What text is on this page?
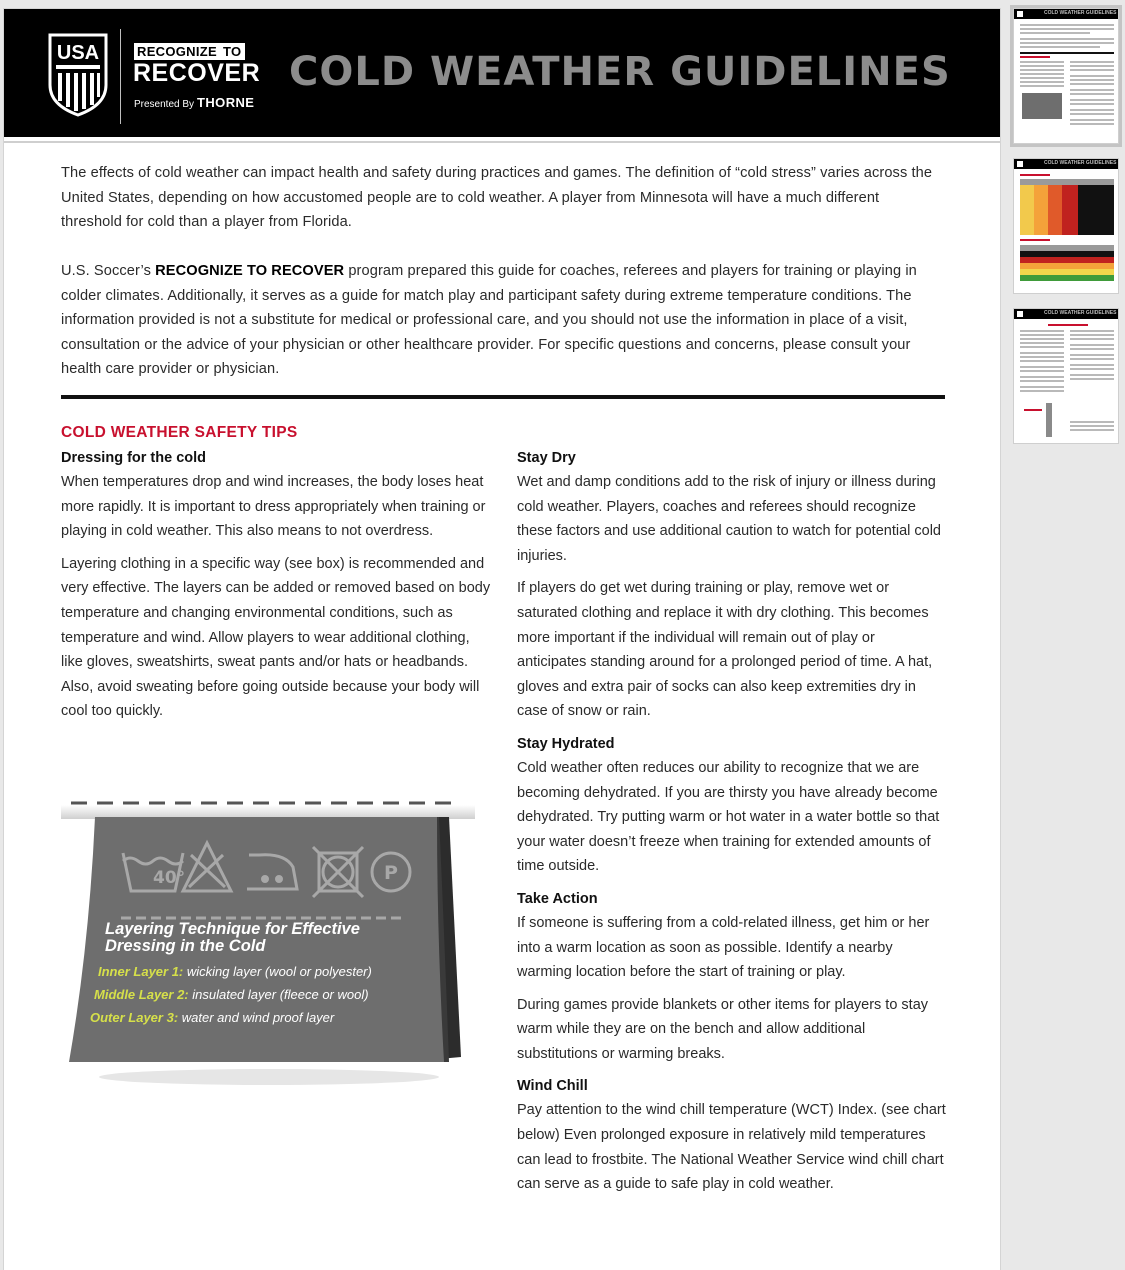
USA	RECOGNIZE TO
RECOVER
Presented By THORNE
COLD WEATHER GUIDELINES

The effects of cold weather can impact health and safety during practices and games. The definition of “cold stress” varies across the United States, depending on how accustomed people are to cold weather. A player from Minnesota will have a much different threshold for cold than a player from Florida.

U.S. Soccer’s RECOGNIZE TO RECOVER program prepared this guide for coaches, referees and players for training or playing in colder climates. Additionally, it serves as a guide for match play and participant safety during extreme temperature conditions. The information provided is not a substitute for medical or professional care, and you should not use the information in place of a visit, consultation or the advice of your physician or other healthcare provider. For specific questions and concerns, please consult your health care provider or physician.

COLD WEATHER SAFETY TIPS
Dressing for the cold

When temperatures drop and wind increases, the body loses heat more rapidly. It is important to dress appropriately when training or playing in cold weather. This also means to not overdress.

Layering clothing in a specific way (see box) is recommended and very effective. The layers can be added or removed based on body temperature and changing environmental conditions, such as temperature and wind. Allow players to wear additional clothing, like gloves, sweatshirts, sweat pants and/or hats or headbands. Also, avoid sweating before going outside because your body will cool too quickly.

Stay Dry

Wet and damp conditions add to the risk of injury or illness during cold weather. Players, coaches and referees should recognize these factors and use additional caution to watch for potential cold injuries.

If players do get wet during training or play, remove wet or saturated clothing and replace it with dry clothing. This becomes more important if the individual will remain out of play or anticipates standing around for a prolonged period of time. A hat, gloves and extra pair of socks can also keep extremities dry in case of snow or rain.

Stay Hydrated

Cold weather often reduces our ability to recognize that we are becoming dehydrated. If you are thirsty you have already become dehydrated. Try putting warm or hot water in a water bottle so that your water doesn’t freeze when training for extended amounts of time outside.

Take Action

If someone is suffering from a cold-related illness, get him or her into a warm location as soon as possible. Identify a nearby warming location before the start of training or play.

During games provide blankets or other items for players to stay warm while they are on the bench and allow additional substitutions or warming breaks.

Wind Chill

Pay attention to the wind chill temperature (WCT) Index. (see chart below) Even prolonged exposure in relatively mild temperatures can lead to frostbite. The National Weather Service wind chill chart can serve as a guide to safe play in cold weather.

40°	P
Layering Technique for Effective Dressing in the Cold
Inner Layer 1: wicking layer (wool or polyester)
Middle Layer 2: insulated layer (fleece or wool)
Outer Layer 3: water and wind proof layer
COLD WEATHER GUIDELINES
COLD WEATHER GUIDELINES
COLD WEATHER GUIDELINES
